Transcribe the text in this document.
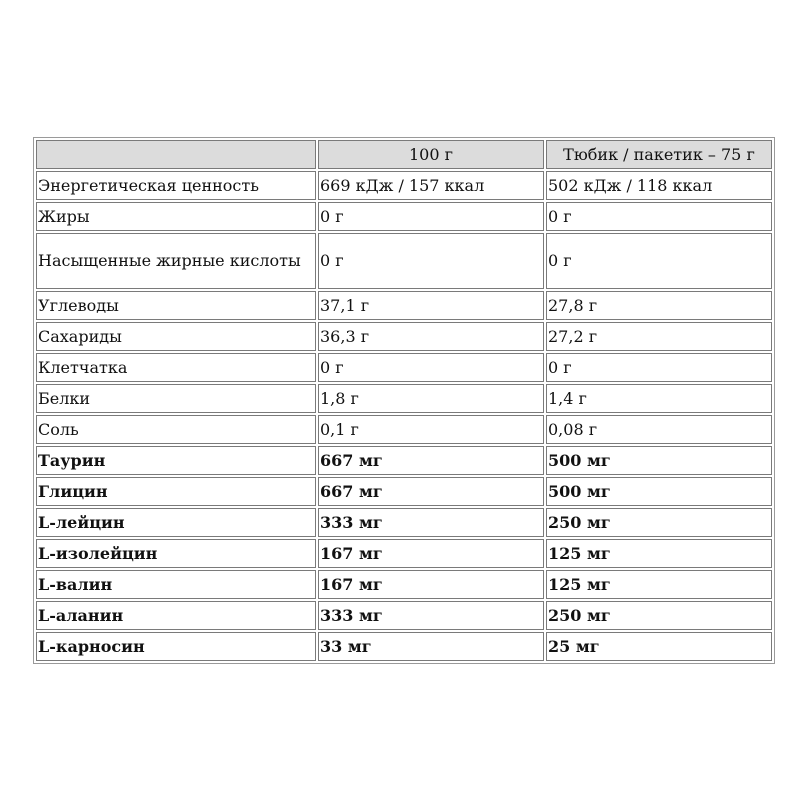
	100 г	Тюбик / пакетик – 75 г
Энергетическая ценность	669 кДж / 157 ккал	502 кДж / 118 ккал
Жиры	0 г	0 г
Насыщенные жирные кислоты	0 г	0 г
Углеводы	37,1 г	27,8 г
Сахариды	36,3 г	27,2 г
Клетчатка	0 г	0 г
Белки	1,8 г	1,4 г
Соль	0,1 г	0,08 г
Таурин	667 мг	500 мг
Глицин	667 мг	500 мг
L-лейцин	333 мг	250 мг
L-изолейцин	167 мг	125 мг
L-валин	167 мг	125 мг
L-аланин	333 мг	250 мг
L-карносин	33 мг	25 мг
